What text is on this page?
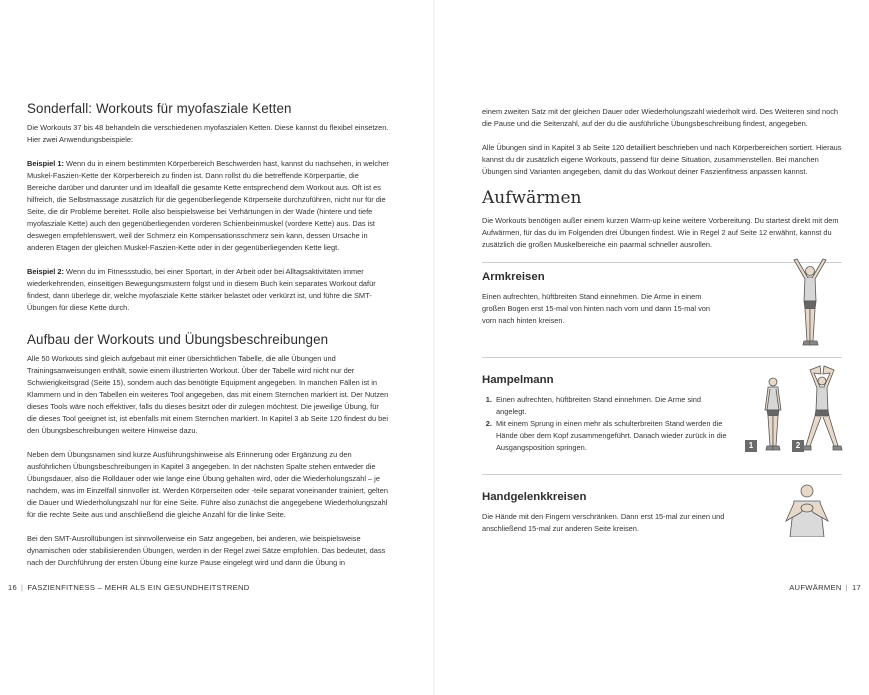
Sonderfall: Workouts für myofasziale Ketten

Die Workouts 37 bis 48 behandeln die verschiedenen myofaszialen Ketten. Diese kannst du flexibel einsetzen. Hier zwei Anwendungsbeispiele:

Beispiel 1: Wenn du in einem bestimmten Körperbereich Beschwerden hast, kannst du nachsehen, in welcher Muskel-Faszien-Kette der Körperbereich zu finden ist. Dann rollst du die betreffende Körperpartie, die Bereiche darüber und darunter und im Idealfall die gesamte Kette entsprechend dem Workout aus. Oft ist es hilfreich, die Selbstmassage zusätzlich für die gegenüberliegende Körperseite durchzuführen, nicht nur für die Seite, die dir Probleme bereitet. Rolle also beispielsweise bei Verhärtungen in der Wade (hintere und tiefe myofasziale Kette) auch den gegenüberliegenden vorderen Schienbeinmuskel (vordere Kette) aus. Das ist deswegen empfehlenswert, weil der Schmerz ein Kompensationsschmerz sein kann, dessen Ursache in anderen Etagen der gleichen Muskel-Faszien-Kette oder in der gegenüberliegenden Kette liegt.

Beispiel 2: Wenn du im Fitnessstudio, bei einer Sportart, in der Arbeit oder bei Alltagsaktivitäten immer wiederkehrenden, einseitigen Bewegungsmustern folgst und in diesem Buch kein separates Workout dafür findest, dann überlege dir, welche myofasziale Kette stärker belastet oder verkürzt ist, und führe die SMT-Übungen für diese Kette durch.

Aufbau der Workouts und Übungsbeschreibungen

Alle 50 Workouts sind gleich aufgebaut mit einer übersichtlichen Tabelle, die alle Übungen und Trainingsanweisungen enthält, sowie einem illustrierten Workout. Über der Tabelle wird nicht nur der Schwierigkeitsgrad (Seite 15), sondern auch das benötigte Equipment angegeben. In manchen Fällen ist in Klammern und in den Tabellen ein weiteres Tool angegeben, das mit einem Sternchen markiert ist. Der Nutzen dieses Tools wäre noch effektiver, falls du dieses besitzt oder dir zulegen möchtest. Die jeweilige Übung, für die dieses Tool geeignet ist, ist ebenfalls mit einem Sternchen markiert. In Kapitel 3 ab Seite 120 findest du bei den Übungsbeschreibungen weitere Hinweise dazu.

Neben dem Übungsnamen sind kurze Ausführungshinweise als Erinnerung oder Ergänzung zu den ausführlichen Übungsbeschreibungen in Kapitel 3 angegeben. In der nächsten Spalte stehen entweder die Übungsdauer, also die Rolldauer oder wie lange eine Übung gehalten wird, oder die Wiederholungszahl – je nachdem, was im Einzelfall sinnvoller ist. Werden Körperseiten oder -teile separat voneinander trainiert, gelten die Dauer und Wiederholungszahl nur für eine Seite. Führe also zunächst die angegebene Wiederholungszahl für die rechte Seite aus und anschließend die gleiche Anzahl für die linke Seite.

Bei den SMT-Ausrollübungen ist sinnvollerweise ein Satz angegeben, bei anderen, wie beispielsweise dynamischen oder stabilisierenden Übungen, werden in der Regel zwei Sätze empfohlen. Das bedeutet, dass nach der Durchführung der ersten Übung eine kurze Pause eingelegt wird und dann die Übung in

16 | FASZIENFITNESS – MEHR ALS EIN GESUNDHEITSTREND

einem zweiten Satz mit der gleichen Dauer oder Wiederholungszahl wiederholt wird. Des Weiteren sind noch die Pause und die Seitenzahl, auf der du die ausführliche Übungsbeschreibung findest, angegeben.

Alle Übungen sind in Kapitel 3 ab Seite 120 detailliert beschrieben und nach Körperbereichen sortiert. Hieraus kannst du dir zusätzlich eigene Workouts, passend für deine Situation, zusammenstellen. Bei manchen Übungen sind Varianten angegeben, damit du das Workout deiner Faszienfitness anpassen kannst.

Aufwärmen

Die Workouts benötigen außer einem kurzen Warm-up keine weitere Vorbereitung. Du startest direkt mit dem Aufwärmen, für das du im Folgenden drei Übungen findest. Wie in Regel 2 auf Seite 12 erwähnt, kannst du zusätzlich die großen Muskelbereiche ein paarmal schneller ausrollen.

Armkreisen

Einen aufrechten, hüftbreiten Stand einnehmen. Die Arme in einem großen Bogen erst 15-mal von hinten nach vorn und dann 15-mal von vorn nach hinten kreisen.

Hampelmann
1. Einen aufrechten, hüftbreiten Stand einnehmen. Die Arme sind angelegt.
2. Mit einem Sprung in einen mehr als schulterbreiten Stand werden die Hände über dem Kopf zusammengeführt. Danach wieder zurück in die Ausgangsposition springen.	1	2
Handgelenkkreisen

Die Hände mit den Fingern verschränken. Dann erst 15-mal zur einen und anschließend 15-mal zur anderen Seite kreisen.

AUFWÄRMEN | 17
